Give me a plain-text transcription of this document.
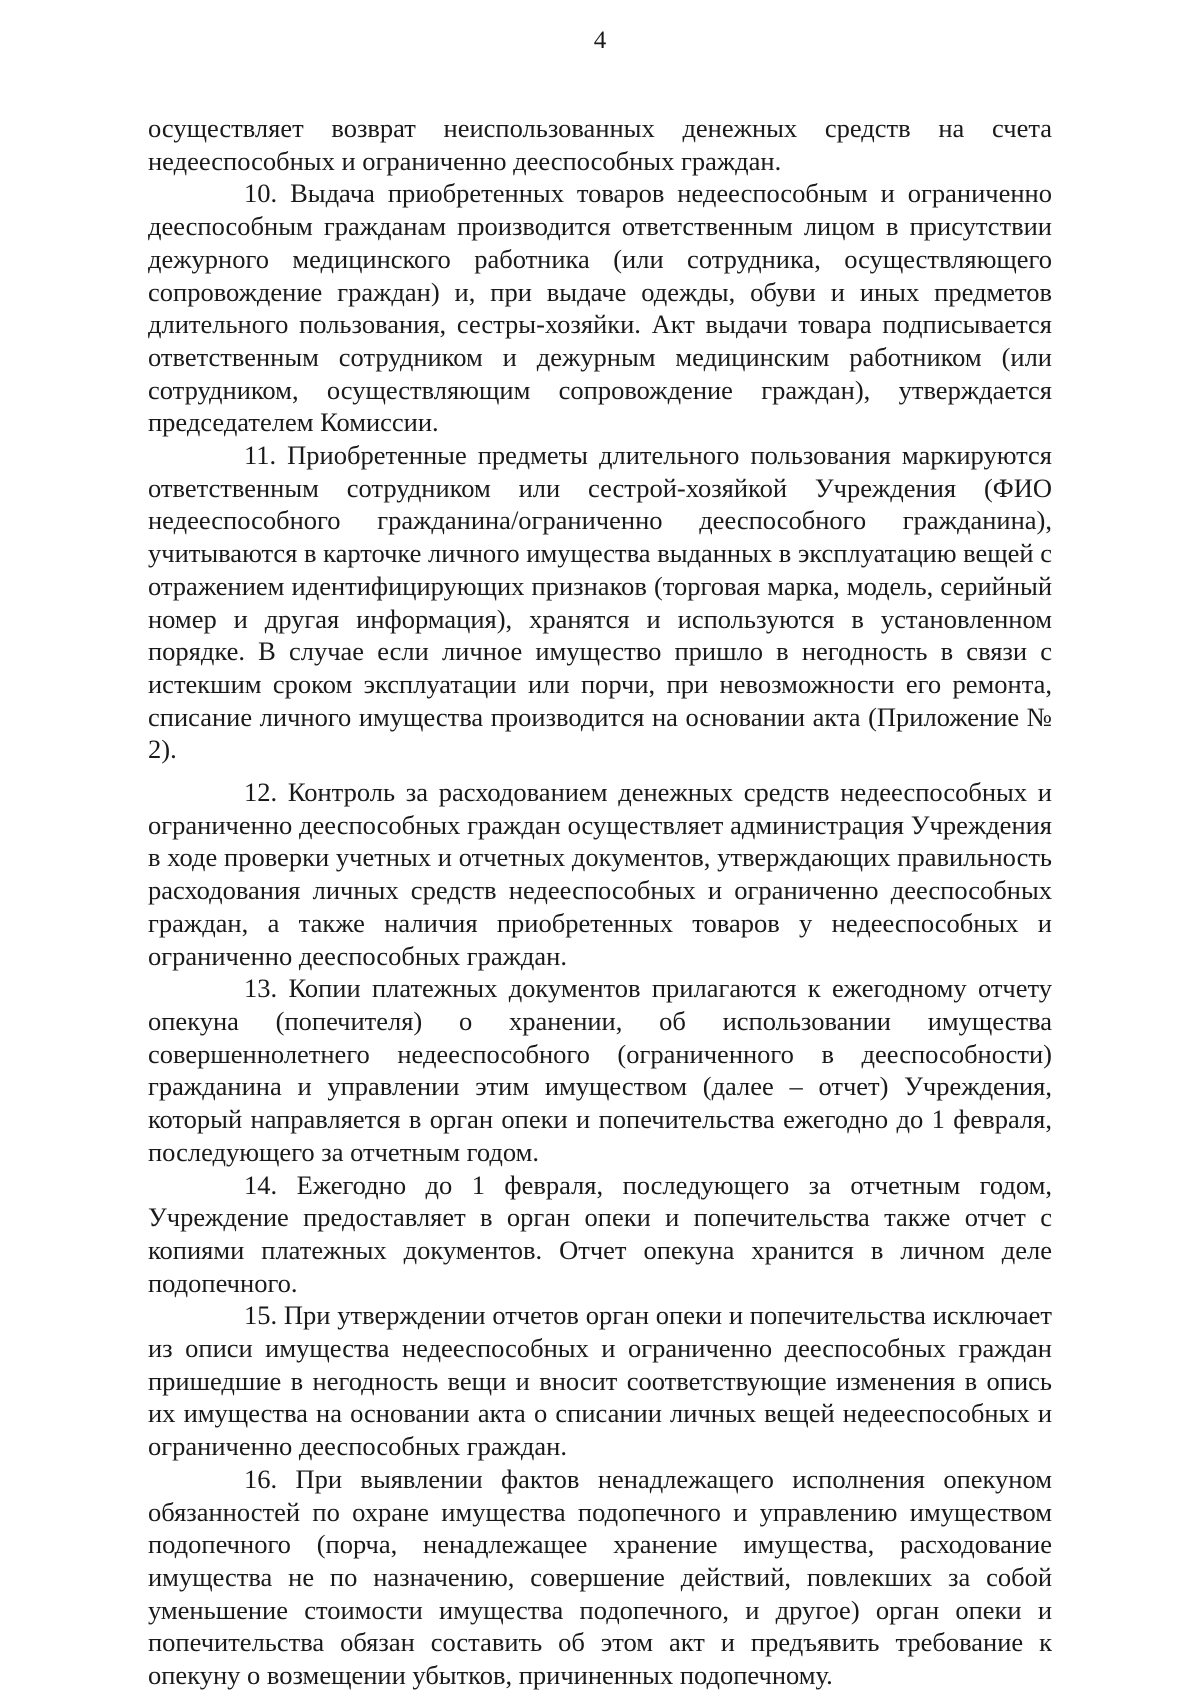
4

осуществляет возврат неиспользованных денежных средств на счета недееспособных и ограниченно дееспособных граждан.

10. Выдача приобретенных товаров недееспособным и ограниченно дееспособным гражданам производится ответственным лицом в присутствии дежурного медицинского работника (или сотрудника, осуществляющего сопровождение граждан) и, при выдаче одежды, обуви и иных предметов длительного пользования, сестры-хозяйки. Акт выдачи товара подписывается ответственным сотрудником и дежурным медицинским работником (или сотрудником, осуществляющим сопровождение граждан), утверждается председателем Комиссии.

11. Приобретенные предметы длительного пользования маркируются ответственным сотрудником или сестрой-хозяйкой Учреждения (ФИО недееспособного гражданина/ограниченно дееспособного гражданина), учитываются в карточке личного имущества выданных в эксплуатацию вещей с отражением идентифицирующих признаков (торговая марка, модель, серийный номер и другая информация), хранятся и используются в установленном порядке. В случае если личное имущество пришло в негодность в связи с истекшим сроком эксплуатации или порчи, при невозможности его ремонта, списание личного имущества производится на основании акта (Приложение № 2).

12. Контроль за расходованием денежных средств недееспособных и ограниченно дееспособных граждан осуществляет администрация Учреждения в ходе проверки учетных и отчетных документов, утверждающих правильность расходования личных средств недееспособных и ограниченно дееспособных граждан, а также наличия приобретенных товаров у недееспособных и ограниченно дееспособных граждан.

13. Копии платежных документов прилагаются к ежегодному отчету опекуна (попечителя) о хранении, об использовании имущества совершеннолетнего недееспособного (ограниченного в дееспособности) гражданина и управлении этим имуществом (далее – отчет) Учреждения, который направляется в орган опеки и попечительства ежегодно до 1 февраля, последующего за отчетным годом.

14. Ежегодно до 1 февраля, последующего за отчетным годом, Учреждение предоставляет в орган опеки и попечительства также отчет с копиями платежных документов. Отчет опекуна хранится в личном деле подопечного.

15. При утверждении отчетов орган опеки и попечительства исключает из описи имущества недееспособных и ограниченно дееспособных граждан пришедшие в негодность вещи и вносит соответствующие изменения в опись их имущества на основании акта о списании личных вещей недееспособных и ограниченно дееспособных граждан.

16. При выявлении фактов ненадлежащего исполнения опекуном обязанностей по охране имущества подопечного и управлению имуществом подопечного (порча, ненадлежащее хранение имущества, расходование имущества не по назначению, совершение действий, повлекших за собой уменьшение стоимости имущества подопечного, и другое) орган опеки и попечительства обязан составить об этом акт и предъявить требование к опекуну о возмещении убытков, причиненных подопечному.
